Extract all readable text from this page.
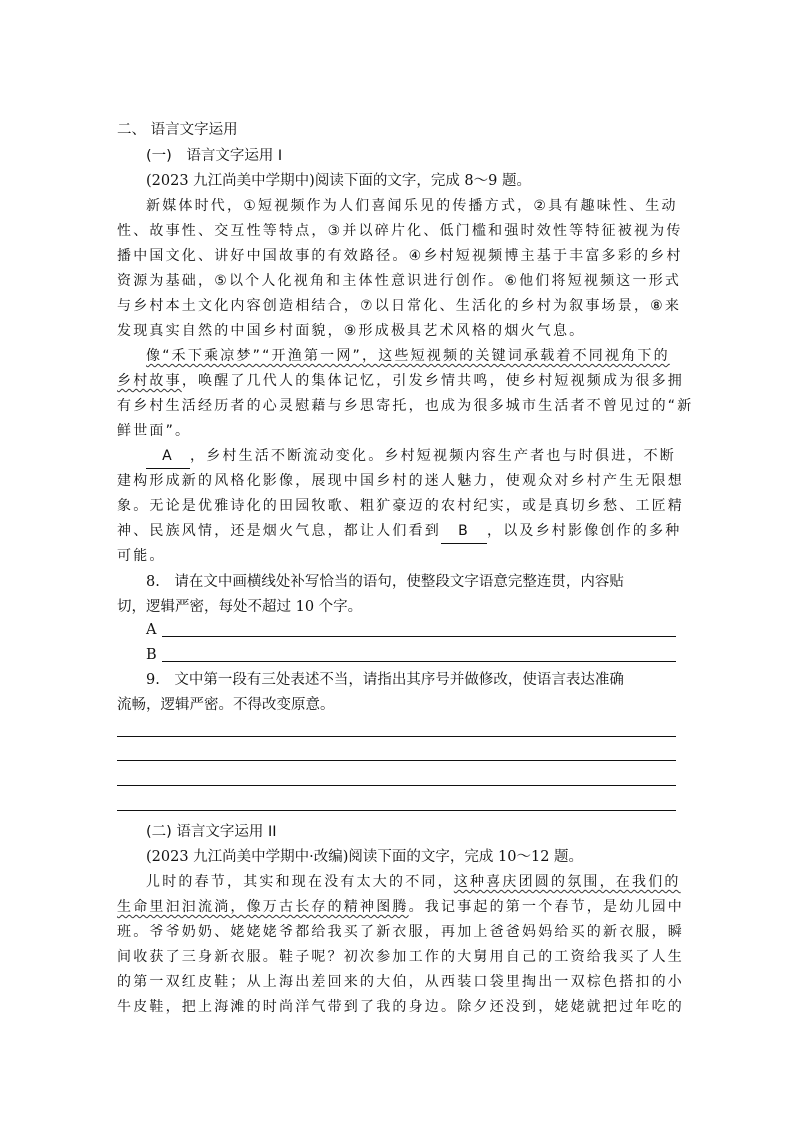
二、 语言文字运用
(一)　语言文字运用 I
(2023 九江尚美中学期中)阅读下面的文字，完成 8～9 题。
新媒体时代，①短视频作为人们喜闻乐见的传播方式，②具有趣味性、生动
性、故事性、交互性等特点，③并以碎片化、低门槛和强时效性等特征被视为传
播中国文化、讲好中国故事的有效路径。④乡村短视频博主基于丰富多彩的乡村
资源为基础，⑤以个人化视角和主体性意识进行创作。⑥他们将短视频这一形式
与乡村本土文化内容创造相结合，⑦以日常化、生活化的乡村为叙事场景，⑧来
发现真实自然的中国乡村面貌，⑨形成极具艺术风格的烟火气息。
像“禾下乘凉梦”“开渔第一网”，这些短视频的关键词承载着不同视角下的
乡村故事，唤醒了几代人的集体记忆，引发乡情共鸣，使乡村短视频成为很多拥
有乡村生活经历者的心灵慰藉与乡思寄托，也成为很多城市生活者不曾见过的“新
鲜世面”。
A ，乡村生活不断流动变化。乡村短视频内容生产者也与时俱进，不断
建构形成新的风格化影像，展现中国乡村的迷人魅力，使观众对乡村产生无限想
象。无论是优雅诗化的田园牧歌、粗犷豪迈的农村纪实，或是真切乡愁、工匠精
神、民族风情，还是烟火气息，都让人们看到 B ，以及乡村影像创作的多种
可能。
8.　请在文中画横线处补写恰当的语句，使整段文字语意完整连贯，内容贴
切，逻辑严密，每处不超过 10 个字。
A
B
9.　文中第一段有三处表述不当，请指出其序号并做修改，使语言表达准确
流畅，逻辑严密。不得改变原意。
(二) 语言文字运用 II
(2023 九江尚美中学期中·改编)阅读下面的文字，完成 10～12 题。
儿时的春节，其实和现在没有太大的不同，这种喜庆团圆的氛围，在我们的
生命里汩汩流淌，像万古长存的精神图腾。我记事起的第一个春节，是幼儿园中
班。爷爷奶奶、姥姥姥爷都给我买了新衣服，再加上爸爸妈妈给买的新衣服，瞬
间收获了三身新衣服。鞋子呢？初次参加工作的大舅用自己的工资给我买了人生
的第一双红皮鞋；从上海出差回来的大伯，从西装口袋里掏出一双棕色搭扣的小
牛皮鞋，把上海滩的时尚洋气带到了我的身边。除夕还没到，姥姥就把过年吃的
